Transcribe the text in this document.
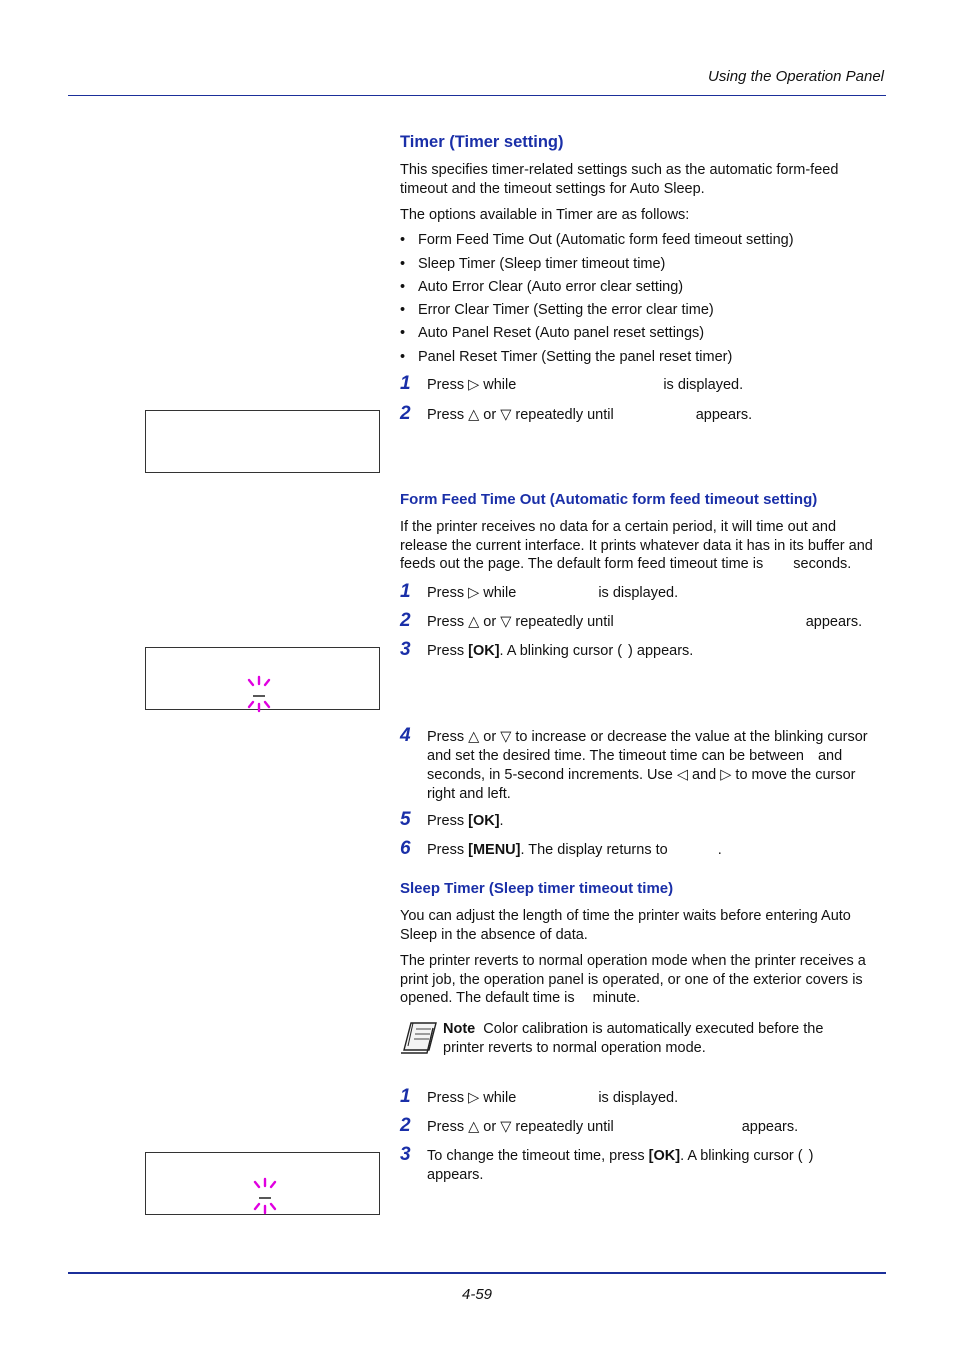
Using the Operation Panel
Timer (Timer setting)

This specifies timer-related settings such as the automatic form-feed timeout and the timeout settings for Auto Sleep.

The options available in Timer are as follows:

• Form Feed Time Out (Automatic form feed timeout setting)
• Sleep Timer (Sleep timer timeout time)
• Auto Error Clear (Auto error clear setting)
• Error Clear Timer (Setting the error clear time)
• Auto Panel Reset (Auto panel reset settings)
• Panel Reset Timer (Setting the panel reset timer)
1 Press ▷ while	is displayed.
2 Press △ or ▽ repeatedly until	appears.
Form Feed Time Out (Automatic form feed timeout setting)

If the printer receives no data for a certain period, it will time out and
release the current interface. It prints whatever data it has in its buffer and
feeds out the page. The default form feed timeout time is seconds.

1 Press ▷ while	is displayed.
2 Press △ or ▽ repeatedly until	appears.
3 Press [OK]. A blinking cursor ( ) appears.
4 Press △ or ▽ to increase or decrease the value at the blinking cursor
and set the desired time. The timeout time can be between and
seconds, in 5-second increments. Use ◁ and ▷ to move the cursor
right and left.
5 Press [OK].
6 Press [MENU]. The display returns to	.
Sleep Timer (Sleep timer timeout time)

You can adjust the length of time the printer waits before entering Auto
Sleep in the absence of data.

The printer reverts to normal operation mode when the printer receives a
print job, the operation panel is operated, or one of the exterior covers is
opened. The default time is minute.

Note Color calibration is automatically executed before the
printer reverts to normal operation mode.

1 Press ▷ while	is displayed.
2 Press △ or ▽ repeatedly until	appears.
3 To change the timeout time, press [OK]. A blinking cursor ( )
appears.
4-59
